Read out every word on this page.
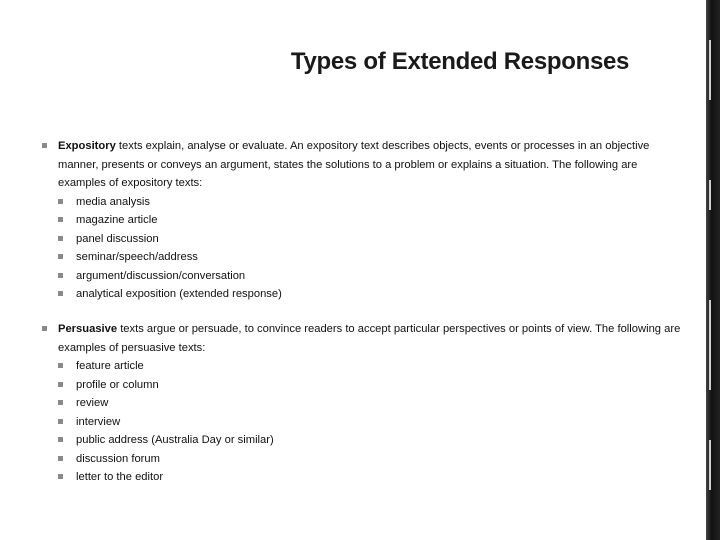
Types of Extended Responses
Expository texts explain, analyse or evaluate. An expository text describes objects, events or processes in an objective manner, presents or conveys an argument, states the solutions to a problem or explains a situation. The following are examples of expository texts:
media analysis
magazine article
panel discussion
seminar/speech/address
argument/discussion/conversation
analytical exposition (extended response)
Persuasive texts argue or persuade, to convince readers to accept particular perspectives or points of view. The following are examples of persuasive texts:
feature article
profile or column
review
interview
public address (Australia Day or similar)
discussion forum
letter to the editor
